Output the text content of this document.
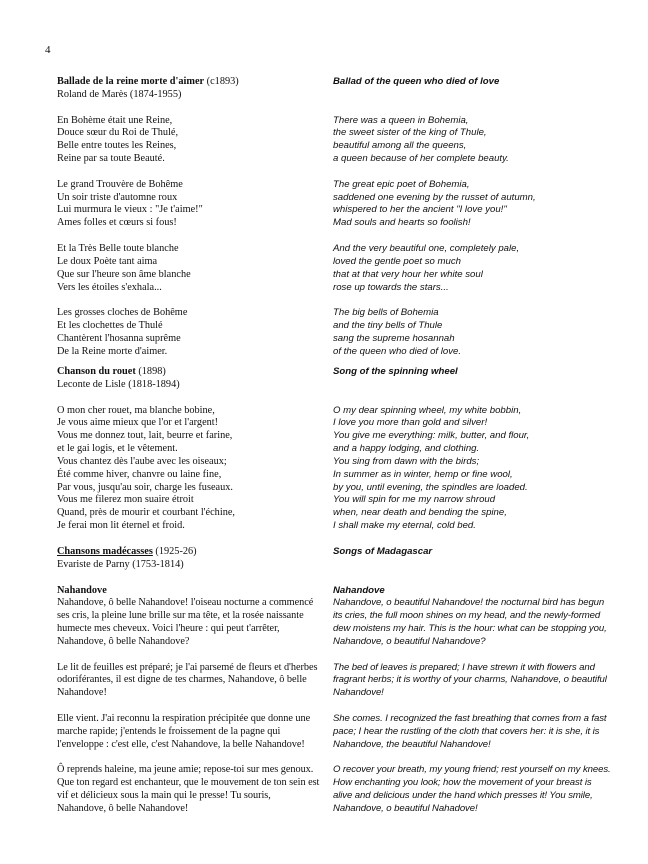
4

Ballade de la reine morte d'aimer (c1893)

Roland de Marès (1874-1955)

En Bohème était une Reine,
Douce sœur du Roi de Thulé,
Belle entre toutes les Reines,
Reine par sa toute Beauté.
Le grand Trouvère de Bohême
Un soir triste d'automne roux
Lui murmura le vieux : "Je t'aime!"
Ames folles et cœurs si fous!
Et la Très Belle toute blanche
Le doux Poète tant aima
Que sur l'heure son âme blanche
Vers les étoiles s'exhala...
Les grosses cloches de Bohême
Et les clochettes de Thulé
Chantèrent l'hosanna suprême
De la Reine morte d'aimer.

Chanson du rouet (1898)

Leconte de Lisle (1818-1894)

O mon cher rouet, ma blanche bobine,
Je vous aime mieux que l'or et l'argent!
Vous me donnez tout, lait, beurre et farine,
et le gai logis, et le vêtement.
Vous chantez dès l'aube avec les oiseaux;
Été comme hiver, chanvre ou laine fine,
Par vous, jusqu'au soir, charge les fuseaux.
Vous me filerez mon suaire étroit
Quand, près de mourir et courbant l'échine,
Je ferai mon lit éternel et froid.

Chansons madécasses (1925-26)

Evariste de Parny (1753-1814)

Nahandove

Nahandove, ô belle Nahandove! l'oiseau nocturne a commencé ses cris, la pleine lune brille sur ma tête, et la rosée naissante humecte mes cheveux. Voici l'heure : qui peut t'arrêter, Nahandove, ô belle Nahandove?

Le lit de feuilles est préparé; je l'ai parsemé de fleurs et d'herbes odoriférantes, il est digne de tes charmes, Nahandove, ô belle Nahandove!

Elle vient. J'ai reconnu la respiration précipitée que donne une marche rapide; j'entends le froissement de la pagne qui l'enveloppe : c'est elle, c'est Nahandove, la belle Nahandove!

Ô reprends haleine, ma jeune amie; repose-toi sur mes genoux. Que ton regard est enchanteur, que le mouvement de ton sein est vif et délicieux sous la main qui le presse! Tu souris, Nahandove, ô belle Nahandove!

Ballad of the queen who died of love

There was a queen in Bohemia,
the sweet sister of the king of Thule,
beautiful among all the queens,
a queen because of her complete beauty.
The great epic poet of Bohemia,
saddened one evening by the russet of autumn,
whispered to her the ancient "I love you!"
Mad souls and hearts so foolish!
And the very beautiful one, completely pale,
loved the gentle poet so much
that at that very hour her white soul
rose up towards the stars...
The big bells of Bohemia
and the tiny bells of Thule
sang the supreme hosannah
of the queen who died of love.

Song of the spinning wheel

O my dear spinning wheel, my white bobbin,
I love you more than gold and silver!
You give me everything: milk, butter, and flour,
and a happy lodging, and clothing.
You sing from dawn with the birds;
In summer as in winter, hemp or fine wool,
by you, until evening, the spindles are loaded.
You will spin for me my narrow shroud
when, near death and bending the spine,
I shall make my eternal, cold bed.

Songs of Madagascar

Nahandove

Nahandove, o beautiful Nahandove! the nocturnal bird has begun its cries, the full moon shines on my head, and the newly-formed dew moistens my hair. This is the hour: what can be stopping you, Nahandove, o beautiful Nahandove?

The bed of leaves is prepared; I have strewn it with flowers and fragrant herbs; it is worthy of your charms, Nahandove, o beautiful Nahandove!

She comes. I recognized the fast breathing that comes from a fast pace; I hear the rustling of the cloth that covers her: it is she, it is Nahandove, the beautiful Nahandove!

O recover your breath, my young friend; rest yourself on my knees. How enchanting you look; how the movement of your breast is alive and delicious under the hand which presses it! You smile, Nahandove, o beautiful Nahadove!
